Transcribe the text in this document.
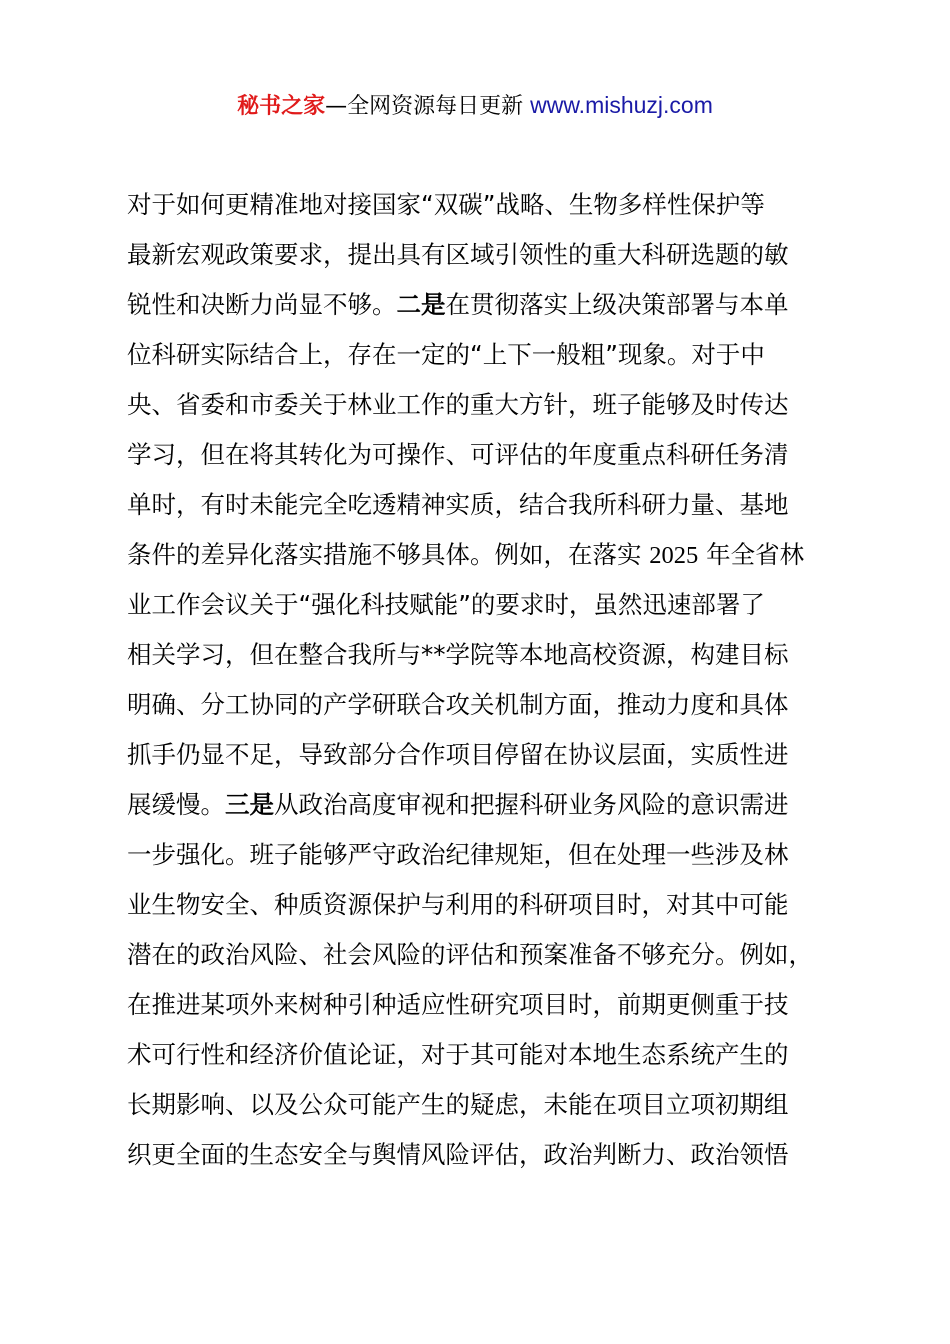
秘书之家—全网资源每日更新 www.mishuzj.com
对于如何更精准地对接国家“双碳”战略、生物多样性保护等
最新宏观政策要求，提出具有区域引领性的重大科研选题的敏
锐性和决断力尚显不够。二是在贯彻落实上级决策部署与本单
位科研实际结合上，存在一定的“上下一般粗”现象。对于中
央、省委和市委关于林业工作的重大方针，班子能够及时传达
学习，但在将其转化为可操作、可评估的年度重点科研任务清
单时，有时未能完全吃透精神实质，结合我所科研力量、基地
条件的差异化落实措施不够具体。例如，在落实 2025 年全省林
业工作会议关于“强化科技赋能”的要求时，虽然迅速部署了
相关学习，但在整合我所与**学院等本地高校资源，构建目标
明确、分工协同的产学研联合攻关机制方面，推动力度和具体
抓手仍显不足，导致部分合作项目停留在协议层面，实质性进
展缓慢。三是从政治高度审视和把握科研业务风险的意识需进
一步强化。班子能够严守政治纪律规矩，但在处理一些涉及林
业生物安全、种质资源保护与利用的科研项目时，对其中可能
潜在的政治风险、社会风险的评估和预案准备不够充分。例如，
在推进某项外来树种引种适应性研究项目时，前期更侧重于技
术可行性和经济价值论证，对于其可能对本地生态系统产生的
长期影响、以及公众可能产生的疑虑，未能在项目立项初期组
织更全面的生态安全与舆情风险评估，政治判断力、政治领悟
